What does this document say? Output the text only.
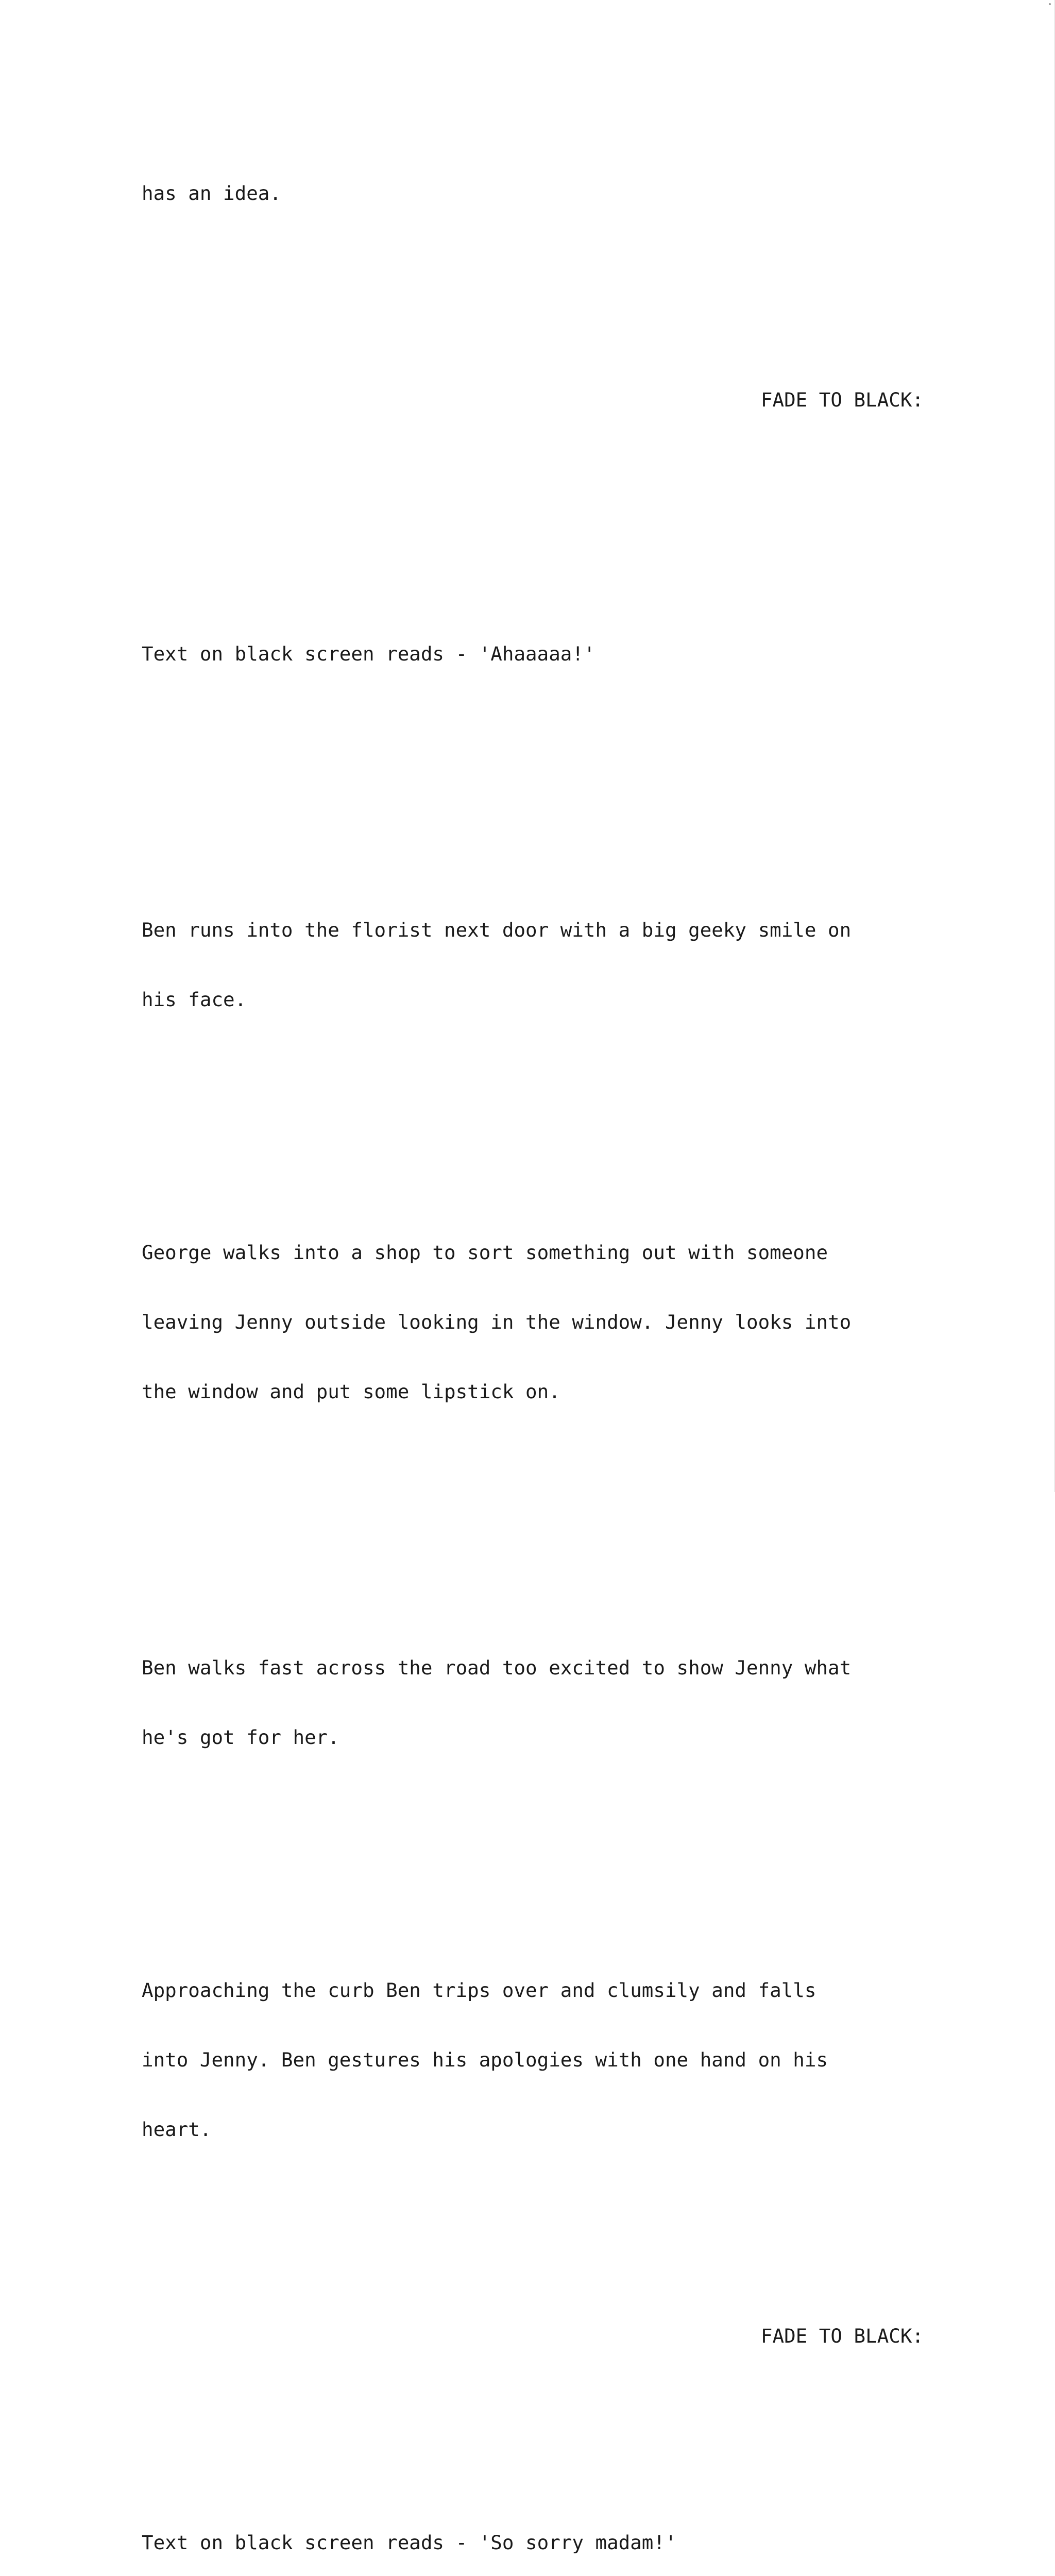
has an idea.

FADE TO BLACK:

Text on black screen reads - 'Ahaaaaa!'

Ben runs into the florist next door with a big geeky smile on

his face.

George walks into a shop to sort something out with someone

leaving Jenny outside looking in the window. Jenny looks into

the window and put some lipstick on.

Ben walks fast across the road too excited to show Jenny what

he's got for her.

Approaching the curb Ben trips over and clumsily and falls

into Jenny. Ben gestures his apologies with one hand on his

heart.

FADE TO BLACK:

Text on black screen reads - 'So sorry madam!'
